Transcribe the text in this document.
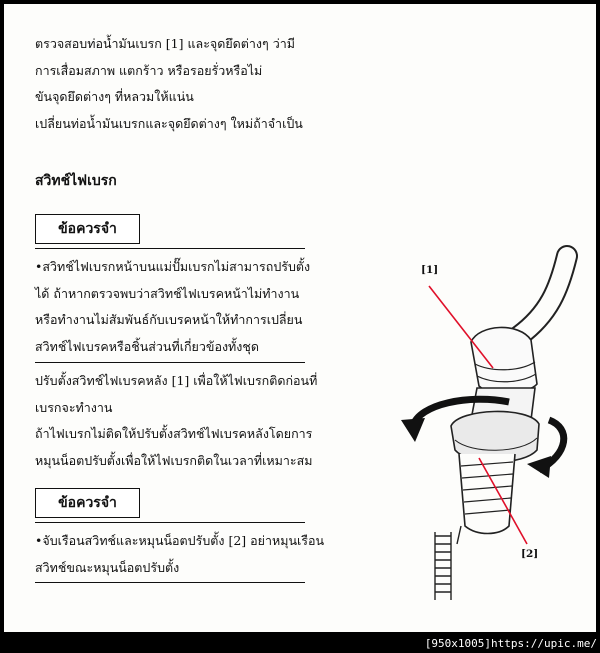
ตรวจสอบท่อน้ำมันเบรก [1] และจุดยึดต่างๆ ว่ามี
การเสื่อมสภาพ แตกร้าว หรือรอยรั่วหรือไม่
ขันจุดยึดต่างๆ ที่หลวมให้แน่น
เปลี่ยนท่อน้ำมันเบรกและจุดยึดต่างๆ ใหม่ถ้าจำเป็น
สวิทช์ไฟเบรก
ข้อควรจำ
•สวิทช์ไฟเบรกหน้าบนแม่ปั๊มเบรกไม่สามารถปรับตั้ง
ได้ ถ้าหากตรวจพบว่าสวิทช์ไฟเบรคหน้าไม่ทำงาน
หรือทำงานไม่สัมพันธ์กับเบรคหน้าให้ทำการเปลี่ยน
สวิทช์ไฟเบรคหรือชิ้นส่วนที่เกี่ยวข้องทั้งชุด
ปรับตั้งสวิทช์ไฟเบรคหลัง [1] เพื่อให้ไฟเบรกติดก่อนที่
เบรกจะทำงาน
ถ้าไฟเบรกไม่ติดให้ปรับตั้งสวิทช์ไฟเบรคหลังโดยการ
หมุนน็อตปรับตั้งเพื่อให้ไฟเบรกติดในเวลาที่เหมาะสม
ข้อควรจำ
•จับเรือนสวิทช์และหมุนน็อตปรับตั้ง [2] อย่าหมุนเรือน
สวิทช์ขณะหมุนน็อตปรับตั้ง
[1]
[2]
[950x1005]https://upic.me/
